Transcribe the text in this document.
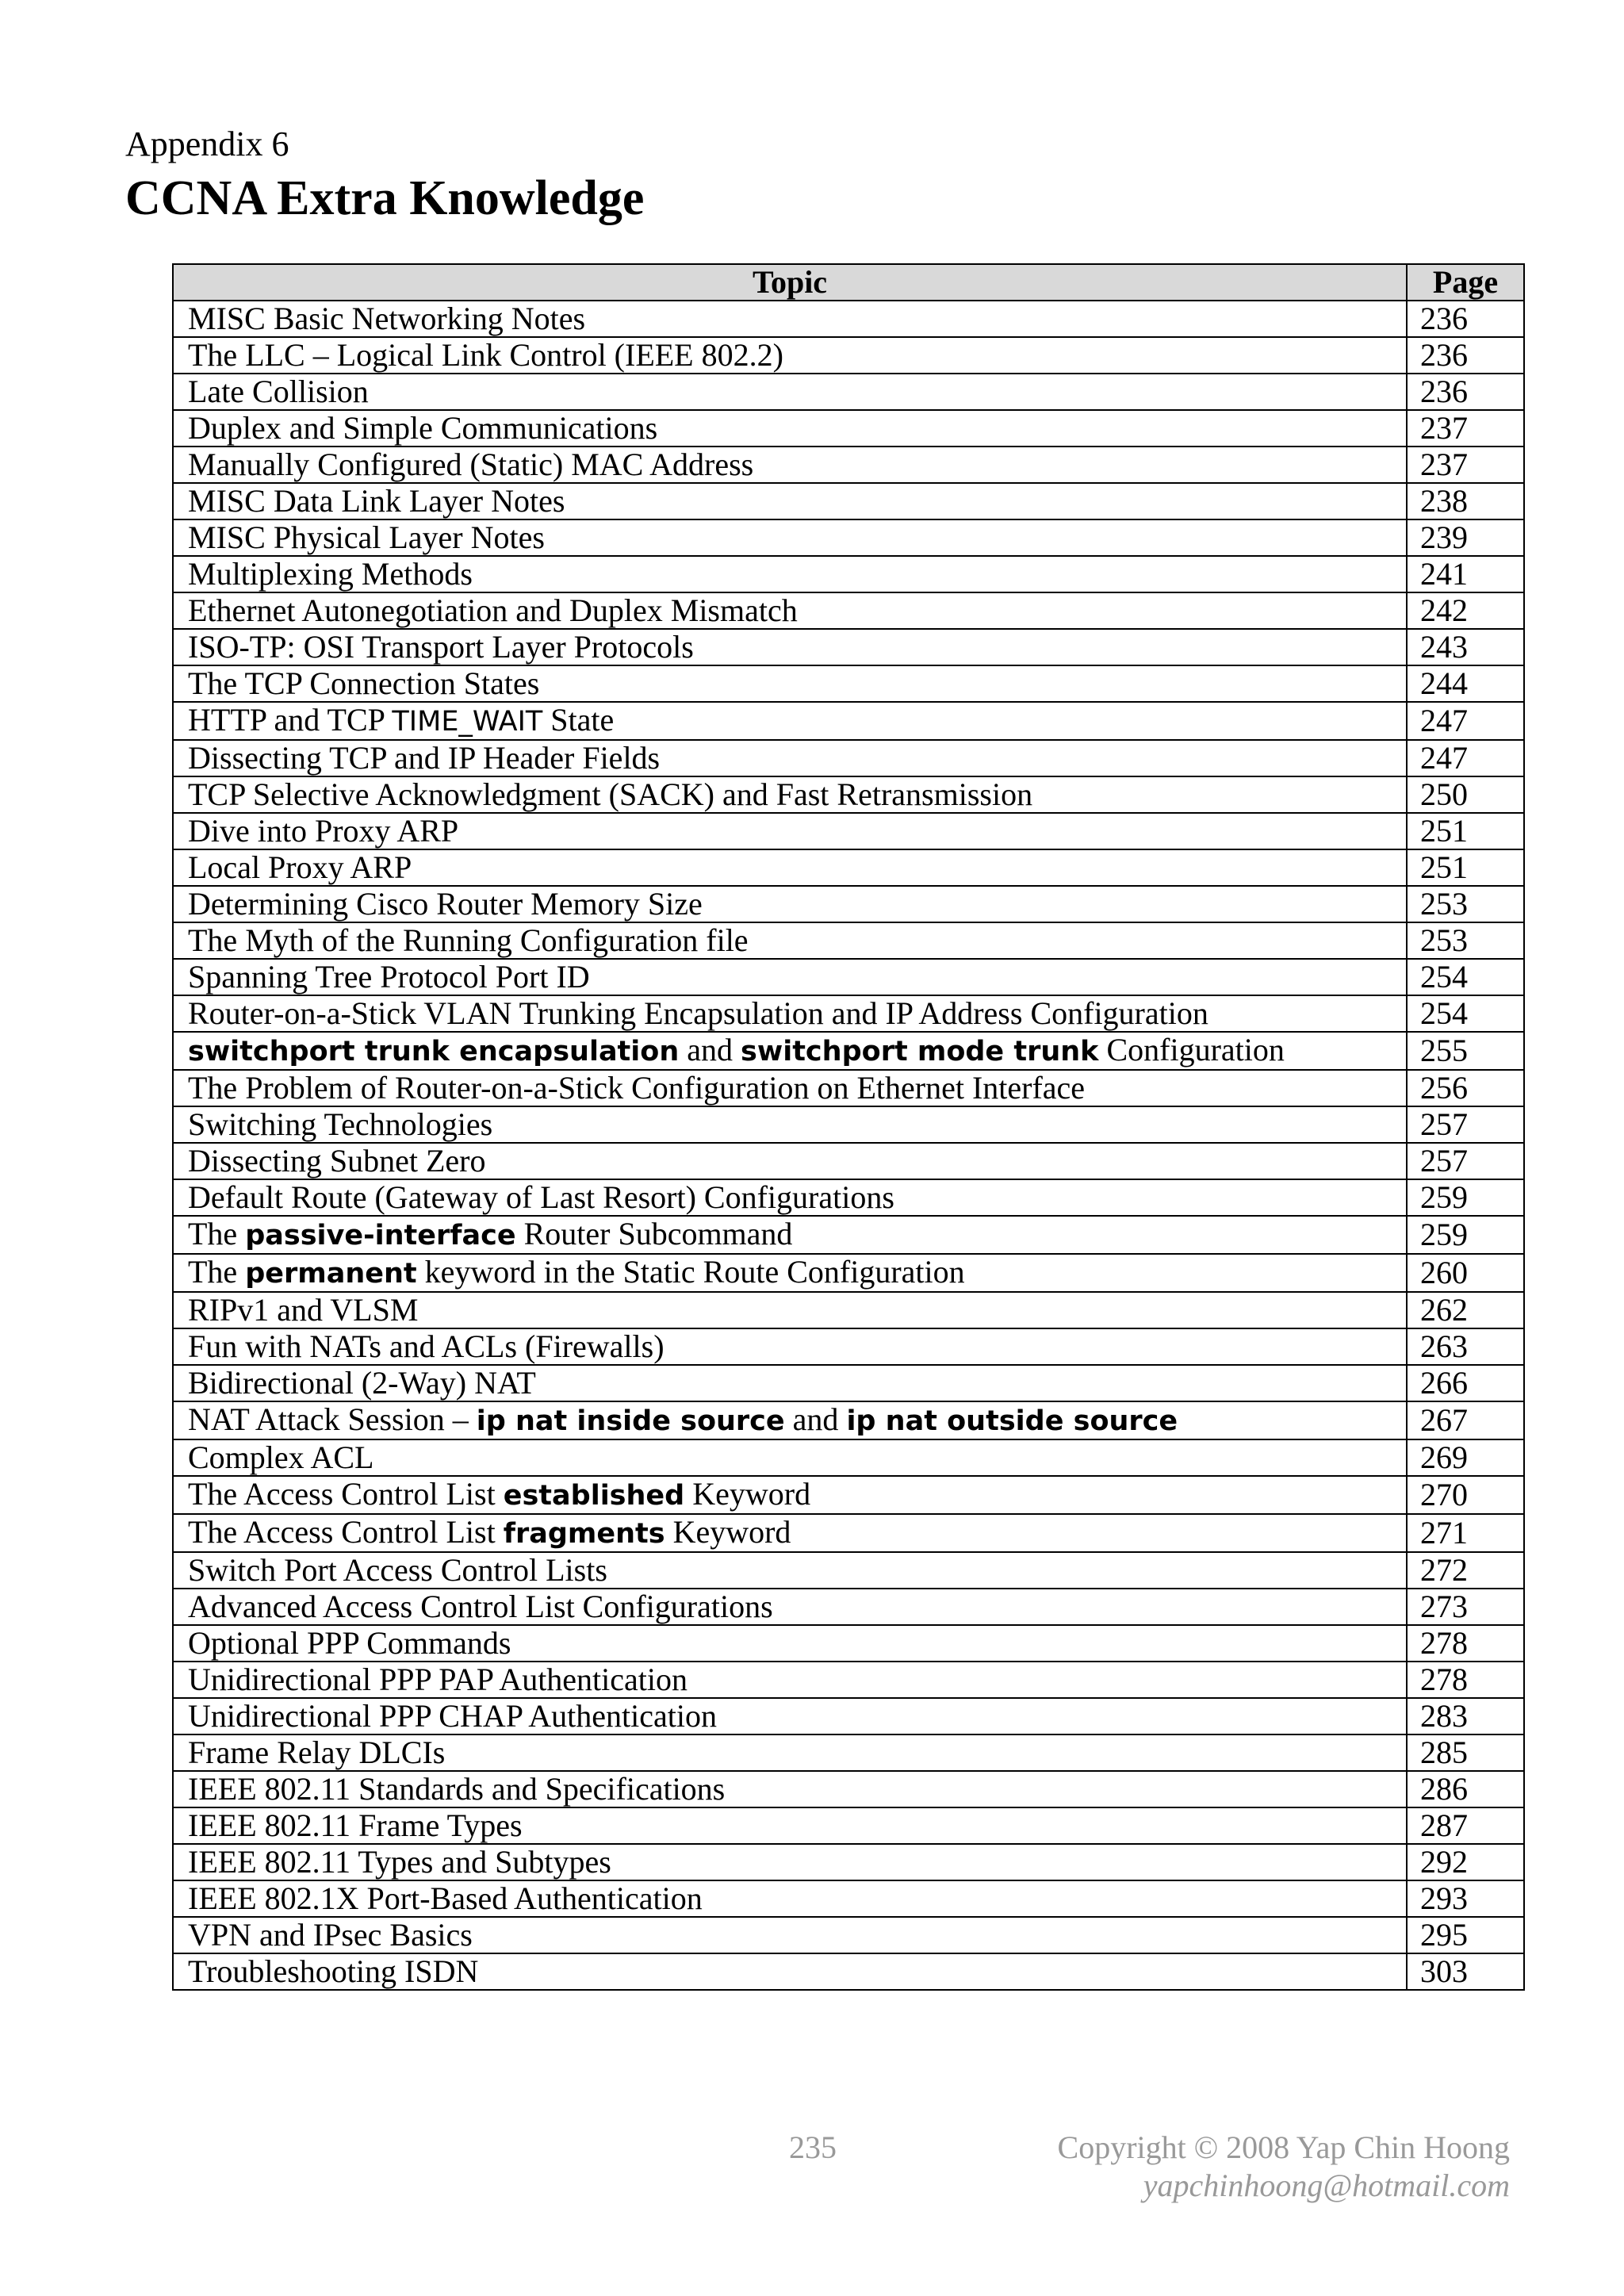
Appendix 6
CCNA Extra Knowledge
Topic	Page
MISC Basic Networking Notes	236
The LLC – Logical Link Control (IEEE 802.2)	236
Late Collision	236
Duplex and Simple Communications	237
Manually Configured (Static) MAC Address	237
MISC Data Link Layer Notes	238
MISC Physical Layer Notes	239
Multiplexing Methods	241
Ethernet Autonegotiation and Duplex Mismatch	242
ISO-TP: OSI Transport Layer Protocols	243
The TCP Connection States	244
HTTP and TCP TIME_WAIT State	247
Dissecting TCP and IP Header Fields	247
TCP Selective Acknowledgment (SACK) and Fast Retransmission	250
Dive into Proxy ARP	251
Local Proxy ARP	251
Determining Cisco Router Memory Size	253
The Myth of the Running Configuration file	253
Spanning Tree Protocol Port ID	254
Router-on-a-Stick VLAN Trunking Encapsulation and IP Address Configuration	254
switchport trunk encapsulation and switchport mode trunk Configuration	255
The Problem of Router-on-a-Stick Configuration on Ethernet Interface	256
Switching Technologies	257
Dissecting Subnet Zero	257
Default Route (Gateway of Last Resort) Configurations	259
The passive-interface Router Subcommand	259
The permanent keyword in the Static Route Configuration	260
RIPv1 and VLSM	262
Fun with NATs and ACLs (Firewalls)	263
Bidirectional (2-Way) NAT	266
NAT Attack Session – ip nat inside source and ip nat outside source	267
Complex ACL	269
The Access Control List established Keyword	270
The Access Control List fragments Keyword	271
Switch Port Access Control Lists	272
Advanced Access Control List Configurations	273
Optional PPP Commands	278
Unidirectional PPP PAP Authentication	278
Unidirectional PPP CHAP Authentication	283
Frame Relay DLCIs	285
IEEE 802.11 Standards and Specifications	286
IEEE 802.11 Frame Types	287
IEEE 802.11 Types and Subtypes	292
IEEE 802.1X Port-Based Authentication	293
VPN and IPsec Basics	295
Troubleshooting ISDN	303
235	Copyright © 2008 Yap Chin Hoong
yapchinhoong@hotmail.com
